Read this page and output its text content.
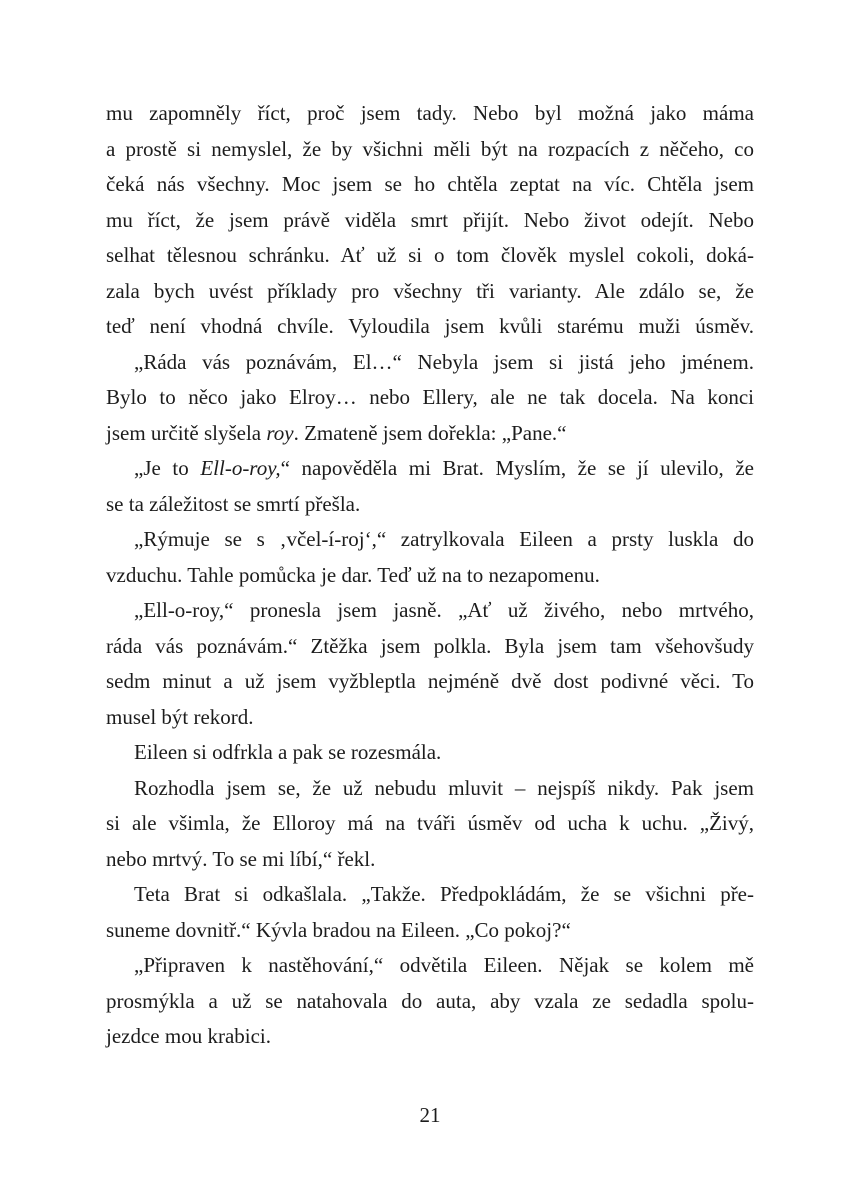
mu zapomněly říct, proč jsem tady. Nebo byl možná jako máma
a prostě si nemyslel, že by všichni měli být na rozpacích z něčeho, co
čeká nás všechny. Moc jsem se ho chtěla zeptat na víc. Chtěla jsem
mu říct, že jsem právě viděla smrt přijít. Nebo život odejít. Nebo
selhat tělesnou schránku. Ať už si o tom člověk myslel cokoli, doká-
zala bych uvést příklady pro všechny tři varianty. Ale zdálo se, že
teď není vhodná chvíle. Vyloudila jsem kvůli starému muži úsměv.
„Ráda vás poznávám, El…“ Nebyla jsem si jistá jeho jménem.
Bylo to něco jako Elroy… nebo Ellery, ale ne tak docela. Na konci
jsem určitě slyšela roy. Zmateně jsem dořekla: „Pane.“
„Je to Ell-o-roy,“ napověděla mi Brat. Myslím, že se jí ulevilo, že
se ta záležitost se smrtí přešla.
„Rýmuje se s ‚včel-í-roj‘,“ zatrylkovala Eileen a prsty luskla do
vzduchu. Tahle pomůcka je dar. Teď už na to nezapomenu.
„Ell-o-roy,“ pronesla jsem jasně. „Ať už živého, nebo mrtvého,
ráda vás poznávám.“ Ztěžka jsem polkla. Byla jsem tam všehovšudy
sedm minut a už jsem vyžbleptla nejméně dvě dost podivné věci. To
musel být rekord.
Eileen si odfrkla a pak se rozesmála.
Rozhodla jsem se, že už nebudu mluvit – nejspíš nikdy. Pak jsem
si ale všimla, že Elloroy má na tváři úsměv od ucha k uchu. „Živý,
nebo mrtvý. To se mi líbí,“ řekl.
Teta Brat si odkašlala. „Takže. Předpokládám, že se všichni pře-
suneme dovnitř.“ Kývla bradou na Eileen. „Co pokoj?“
„Připraven k nastěhování,“ odvětila Eileen. Nějak se kolem mě
prosmýkla a už se natahovala do auta, aby vzala ze sedadla spolu-
jezdce mou krabici.
21
